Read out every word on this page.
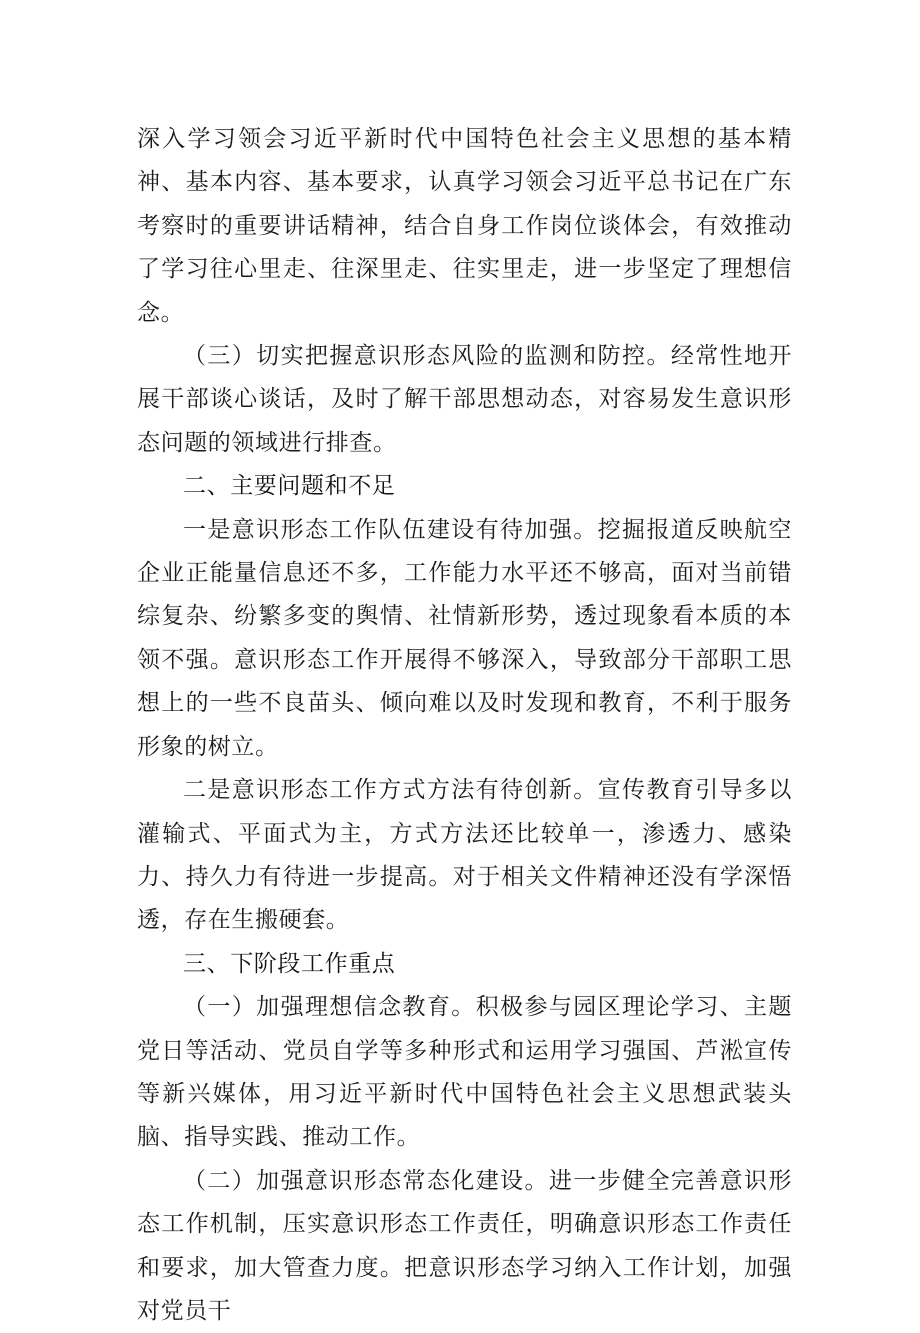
深入学习领会习近平新时代中国特色社会主义思想的基本精神、基本内容、基本要求，认真学习领会习近平总书记在广东考察时的重要讲话精神，结合自身工作岗位谈体会，有效推动了学习往心里走、往深里走、往实里走，进一步坚定了理想信念。

（三）切实把握意识形态风险的监测和防控。经常性地开展干部谈心谈话，及时了解干部思想动态，对容易发生意识形态问题的领域进行排查。

二、主要问题和不足

一是意识形态工作队伍建设有待加强。挖掘报道反映航空企业正能量信息还不多，工作能力水平还不够高，面对当前错综复杂、纷繁多变的舆情、社情新形势，透过现象看本质的本领不强。意识形态工作开展得不够深入，导致部分干部职工思想上的一些不良苗头、倾向难以及时发现和教育，不利于服务形象的树立。

二是意识形态工作方式方法有待创新。宣传教育引导多以灌输式、平面式为主，方式方法还比较单一，渗透力、感染力、持久力有待进一步提高。对于相关文件精神还没有学深悟透，存在生搬硬套。

三、下阶段工作重点

（一）加强理想信念教育。积极参与园区理论学习、主题党日等活动、党员自学等多种形式和运用学习强国、芦淞宣传等新兴媒体，用习近平新时代中国特色社会主义思想武装头脑、指导实践、推动工作。

（二）加强意识形态常态化建设。进一步健全完善意识形态工作机制，压实意识形态工作责任，明确意识形态工作责任和要求，加大管查力度。把意识形态学习纳入工作计划，加强对党员干
